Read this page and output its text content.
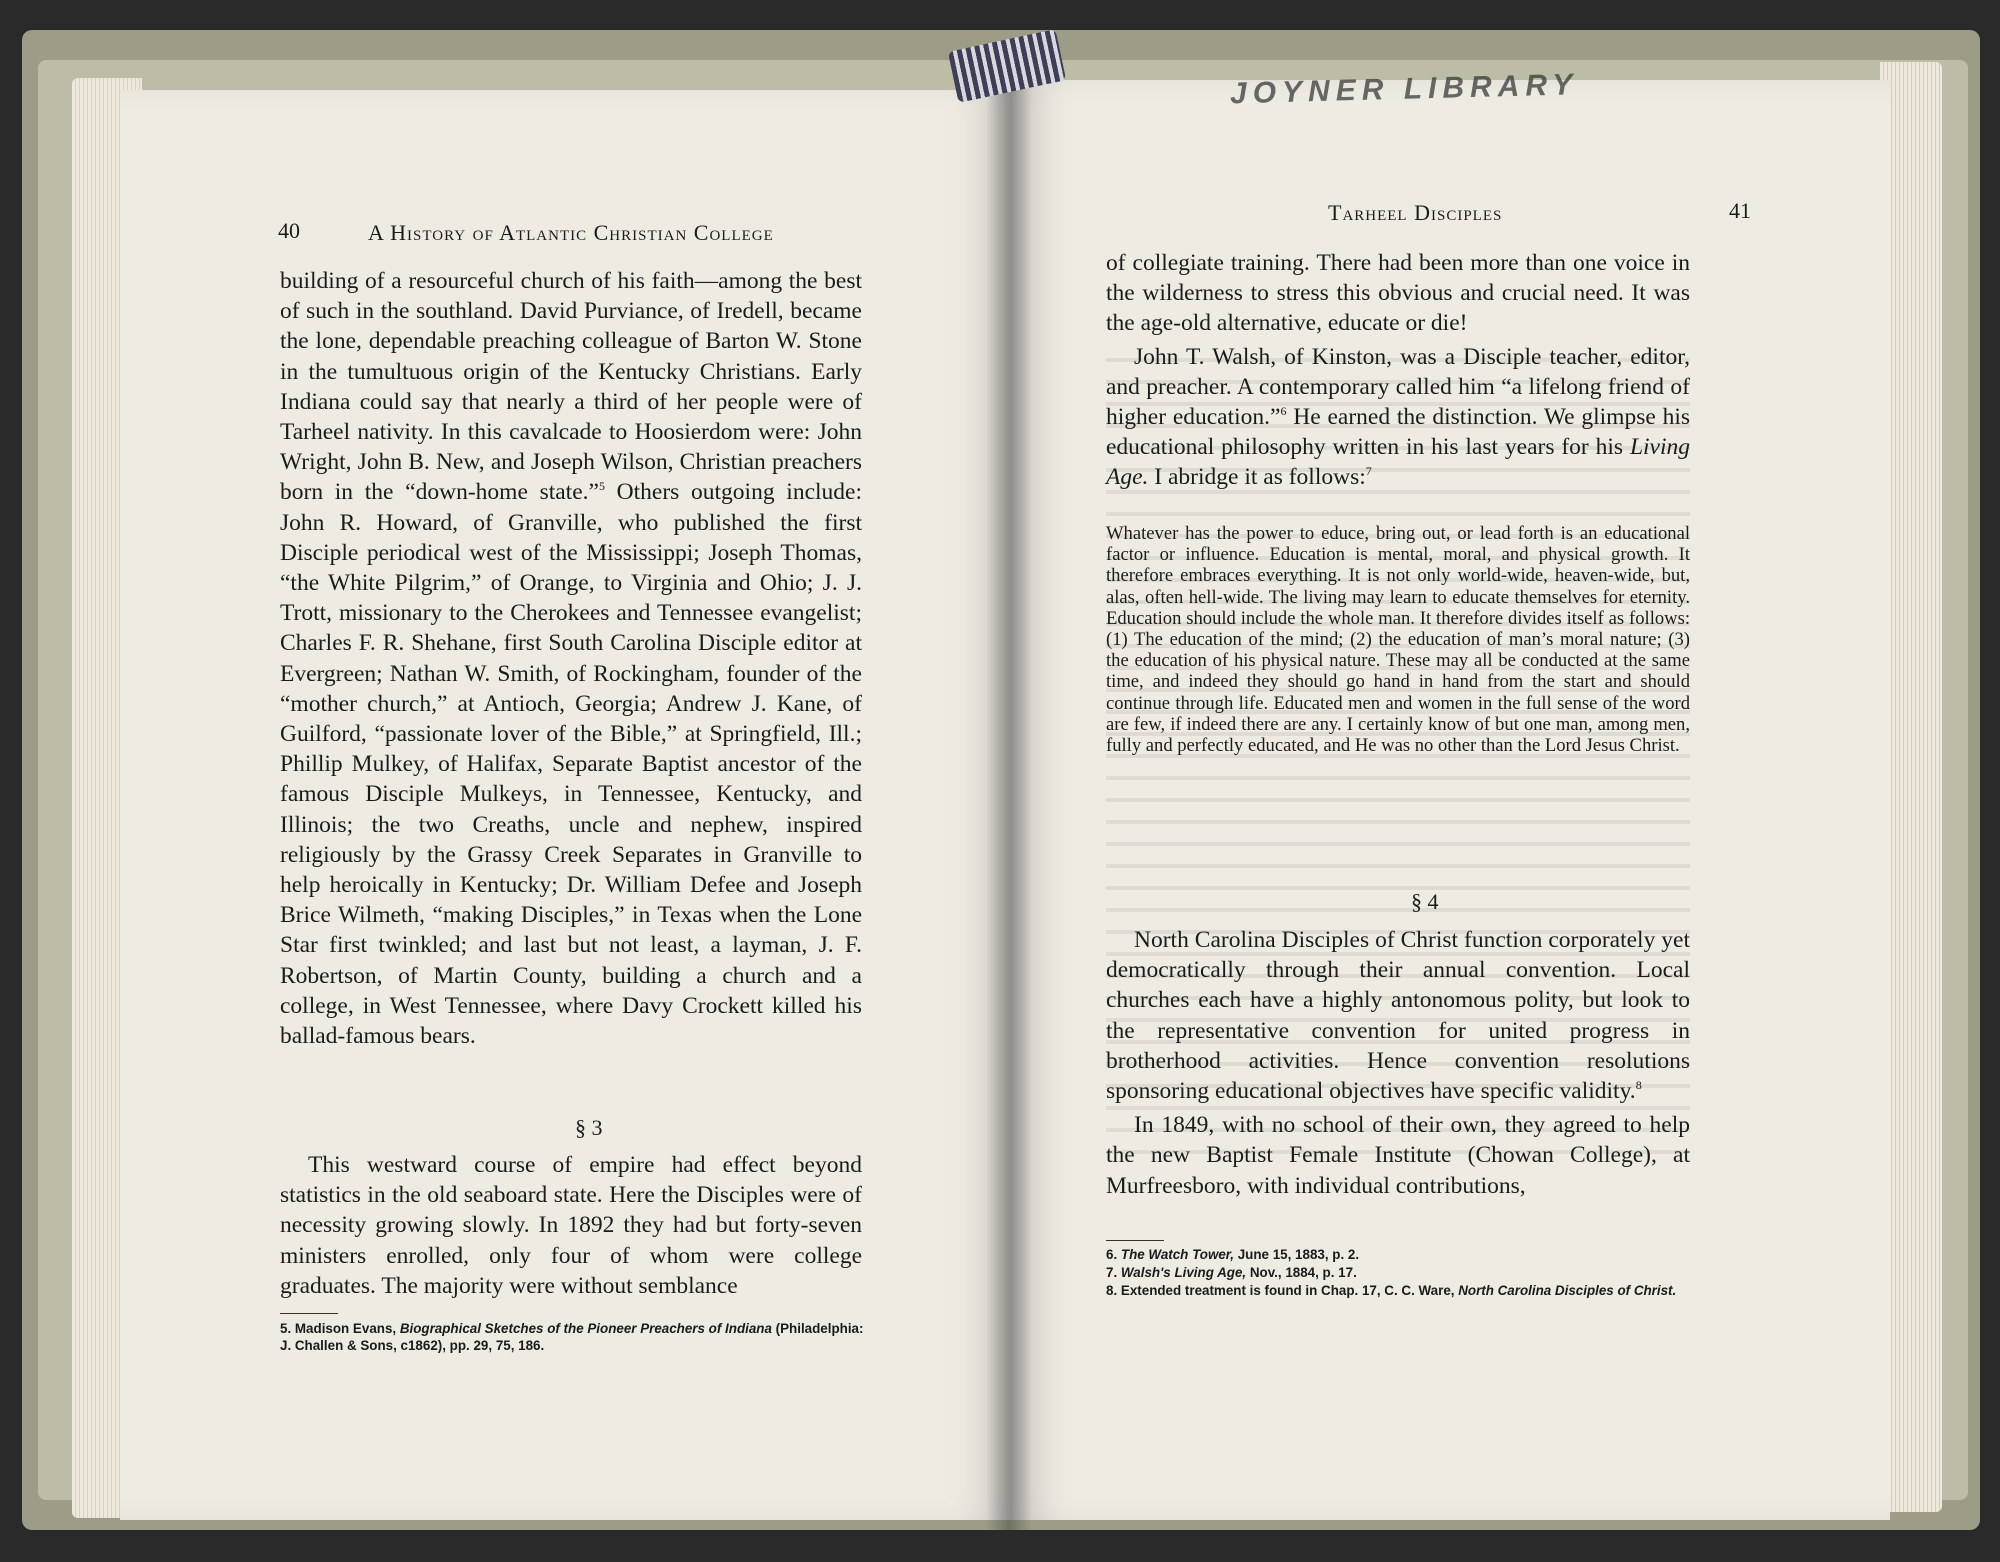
40	A History of Atlantic Christian College

building of a resourceful church of his faith—among the best of such in the southland. David Purviance, of Iredell, became the lone, dependable preaching colleague of Barton W. Stone in the tumultuous origin of the Kentucky Christians. Early Indiana could say that nearly a third of her people were of Tarheel nativity. In this cavalcade to Hoosierdom were: John Wright, John B. New, and Joseph Wilson, Christian preachers born in the “down-home state.”$^5$ Others outgoing include: John R. Howard, of Granville, who published the first Disciple periodical west of the Mississippi; Joseph Thomas, “the White Pilgrim,” of Orange, to Virginia and Ohio; J. J. Trott, missionary to the Cherokees and Tennessee evangelist; Charles F. R. Shehane, first South Carolina Disciple editor at Evergreen; Nathan W. Smith, of Rockingham, founder of the “mother church,” at Antioch, Georgia; Andrew J. Kane, of Guilford, “passionate lover of the Bible,” at Springfield, Ill.; Phillip Mulkey, of Halifax, Separate Baptist ancestor of the famous Disciple Mulkeys, in Tennessee, Kentucky, and Illinois; the two Creaths, uncle and nephew, inspired religiously by the Grassy Creek Separates in Granville to help heroically in Kentucky; Dr. William Defee and Joseph Brice Wilmeth, “making Disciples,” in Texas when the Lone Star first twinkled; and last but not least, a layman, J. F. Robertson, of Martin County, building a church and a college, in West Tennessee, where Davy Crockett killed his ballad-famous bears.

§ 3

This westward course of empire had effect beyond statistics in the old seaboard state. Here the Disciples were of necessity growing slowly. In 1892 they had but forty-seven ministers enrolled, only four of whom were college graduates. The majority were without semblance

5. Madison Evans, Biographical Sketches of the Pioneer Preachers of Indiana (Philadelphia: J. Challen & Sons, c1862), pp. 29, 75, 186.

Tarheel Disciples	41

of collegiate training. There had been more than one voice in the wilderness to stress this obvious and crucial need. It was the age-old alternative, educate or die!

John T. Walsh, of Kinston, was a Disciple teacher, editor, and preacher. A contemporary called him “a lifelong friend of higher education.”$^6$ He earned the distinction. We glimpse his educational philosophy written in his last years for his Living Age. I abridge it as follows:$^7$

Whatever has the power to educe, bring out, or lead forth is an educational factor or influence. Education is mental, moral, and physical growth. It therefore embraces everything. It is not only world-wide, heaven-wide, but, alas, often hell-wide. The living may learn to educate themselves for eternity. Education should include the whole man. It therefore divides itself as follows: (1) The education of the mind; (2) the education of man’s moral nature; (3) the education of his physical nature. These may all be conducted at the same time, and indeed they should go hand in hand from the start and should continue through life. Educated men and women in the full sense of the word are few, if indeed there are any. I certainly know of but one man, among men, fully and perfectly educated, and He was no other than the Lord Jesus Christ.
§ 4

North Carolina Disciples of Christ function corporately yet democratically through their annual convention. Local churches each have a highly antonomous polity, but look to the representative convention for united progress in brotherhood activities. Hence convention resolutions sponsoring educational objectives have specific validity.$^8$

In 1849, with no school of their own, they agreed to help the new Baptist Female Institute (Chowan College), at Murfreesboro, with individual contributions,

6. The Watch Tower, June 15, 1883, p. 2.

7. Walsh's Living Age, Nov., 1884, p. 17.

8. Extended treatment is found in Chap. 17, C. C. Ware, North Carolina Disciples of Christ.

JOYNER LIBRARY
